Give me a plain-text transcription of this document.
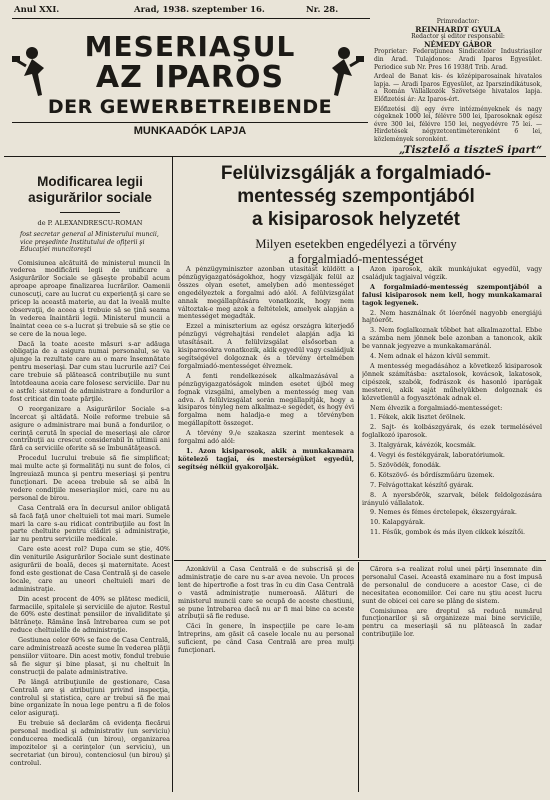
Anul XXI.	Arad, 1938. szeptember 16.	Nr. 28.
MESERIAŞUL
AZ IPAROS
DER GEWERBETREIBENDE
MUNKAADÓK LAPJA
Primredactor:
REINHARDT GYULA
Redactor şi editor responsabil:
NÉMEDY GÁBOR

Proprietar: Federaţiunea Sindicatelor Industriaşilor din Arad. Tulajdonos: Aradi Iparos Egyesület. Periodice sub Nr. Pres 16 1938/I Trib. Arad.

Ardeal de Banat kis- és középiparosainak hivatalos lapja. — Aradi Iparos Egyesület, az Iparszindikátusok, a Román Vállalkozók Szövetsége hivatalos lapja. Előfizetési ár: Az Iparos-ért.

Előfizetési díj egy évre intézményeknek és nagy cégeknek 1000 lei, félévre 500 lei, Iparosoknak egész évre 300 lei, félévre 150 lei, negyedévre 75 lei. — Hirdetések négyzetcentiméterenként 6 lei, közlemények soronként.

„Tisztelő a tiszteS ipart“
Modificarea legii
asigurărilor sociale
de P. ALEXANDRESCU-ROMAN
fost secretar general al Ministerului muncii, vice preşedinte Institutului de ofiţerii şi Educaţiei muncitoreşti

Comisiunea alcătuită de ministerul muncii în vederea modificării legii de unificare a Asigurărilor Sociale se găseşte probabil acum aproape aproape finalizarea lucrărilor. Oamenii cunoscuţi, care au lucrat cu experienţă şi care se pricep la această materie, au dat la iveală multe observaţii, de aceea şi trebuie să se ţină seama în vederea înaintării legii. Ministerul muncii a înaintat ceea ce s-a lucrat şi trebuie să se ştie ce se cere de la noua lege.

Dacă la toate aceste măsuri s-ar adăuga obligaţia de a asigura numai personalul, se va ajunge la rezultate care au o mare însemnătate pentru meseriaşi. Dar cum stau lucrurile azi? Cei care trebuie să plătească contribuţiile nu sunt întotdeauna aceia care folosesc serviciile. Dar nu e astfel: sistemul de administrare a fondurilor a fost criticat din toate părţile.

O reorganizare a Asigurărilor Sociale s-a încercat şi altădată. Noile reforme trebuie să asigure o administrare mai bună a fondurilor, o cerinţă cerută în special de meseriaşi ale căror contribuţii au crescut considerabil în ultimii ani fără ca serviciile oferite să se îmbunătăţească.

Procedul lucrului trebuie să fie simplificat; mai multe acte şi formalităţi nu sunt de folos, ci îngreuiază munca şi pentru meseriaşi şi pentru funcţionari. De aceea trebuie să se aibă în vedere condiţiile meseriaşilor mici, care nu au personal de birou.

Casa Centrală era în decursul anilor obligată să facă faţă unor cheltuieli tot mai mari. Sumele mari la care s-au ridicat contribuţiile au fost în parte cheltuite pentru clădiri şi administraţie, iar nu pentru serviciile medicale.

Care este acest rol? Dupa cum se ştie, 40% din veniturile Asigurărilor Sociale sunt destinate asigurării de boală, deces şi maternitate. Acest fond este gestionat de Casa Centrală şi de casele locale, care au uneori cheltuieli mari de administraţie.

Din acest procent de 40% se plătesc medicii, farmaciile, spitalele şi serviciile de ajutor. Restul de 60% este destinat pensiilor de invaliditate şi bătrâneţe. Rămâne însă întrebarea cum se pot reduce cheltuielile de administraţie.

Gestiunea celor 60% se face de Casa Centrală, care administrează aceste sume în vederea plăţii pensiilor viitoare. Din acest motiv, fondul trebuie să fie sigur şi bine plasat, şi nu cheltuit în construcţii de palate administrative.

Pe lângă atribuţiunile de gestionare, Casa Centrală are şi atribuţiuni privind inspecţia, controlul şi statistica, care ar trebui să fie mai bine organizate în noua lege pentru a fi de folos celor asiguraţi.

Eu trebuie să declarăm că evidenţa fiecărui personal medical şi administrativ (un serviciu) conducerea medicală (un birou), organizarea impozitelor şi a cerinţelor (un serviciu), un secretariat (un birou), contenciosul (un birou) şi controlul.

Felülvizsgálják a forgalmiadó-
mentesség szempontjából
a kisiparosok helyzetét
Milyen esetekben engedélyezi a törvény
a forgalmiadó-mentességet

A pénzügyminiszter azonban utasítást küldött a pénzügyigazgatóságokhoz, hogy vizsgálják felül az összes olyan esetet, amelyben adó mentességet engedélyeztek a forgalmi adó alól. A felülvizsgálat annak megállapítására vonatkozik, hogy nem változtak-e meg azok a feltételek, amelyek alapján a mentességet megadták.

Ezzel a miniszterium az egész országra kiterjedő pénzügyi végrehajtási rendelet alapján adja ki utasításait. A felülvizsgálat elsősorban a kisiparosokra vonatkozik, akik egyedül vagy családjuk segítségével dolgoznak és a törvény értelmében forgalmiadó-mentességet élveznek.

A fenti rendelkezések alkalmazásával a pénzügyigazgatóságok minden esetet újból meg fognak vizsgálni, amelyben a mentesség meg van adva. A felülvizsgálat során megállapítják, hogy a kisiparos tényleg nem alkalmaz-e segédet, és hogy évi forgalma nem haladja-e meg a törvényben megállapított összeget.

A törvény 9./e szakasza szerint mentesek a forgalmi adó alól:

1. Azon kisiparosok, akik a munkakamara kötelező tagjai, és mesterségüket egyedül, segítség nélkül gyakorolják.

Azon iparosok, akik munkájukat egyedül, vagy családjuk tagjaival végzik.

A forgalmiadó-mentesség szempontjából a falusi kisiparosok nem kell, hogy munkakamarai tagok legyenek.

2. Nem használnak őt lóerőnél nagyobb energiájú hajtóerőt.

3. Nem foglalkoznak tőbbet hat alkalmazottal. Ebbe a számba nem jönnek bele azonban a tanoncok, akik be vannak jegyezve a munkakamaránál.

4. Nem adnak el házon kívül semmit.

A mentesség megadásához a következő kisiparosok jönnek számításba: asztalosok, kovácsok, lakatosok, cipészek, szabók, fodrászok és hasonló iparágak mesterei, akik saját műhelyükben dolgoznak és közvetlenül a fogyasztónak adnak el.

Nem élvezik a forgalmiadó-mentességet:

1. Fékek, akik lisztet őrölnek.

2. Sajt- és kolbászgyárak, és ezek termelésével foglalkozó iparosok.

3. Italgyárak, kávézók, kocsmák.

4. Vegyi és festékgyárak, laboratóriumok.

5. Szövödék, fonodák.

6. Kötszövő- és bőrdíszműáru üzemek.

7. Felvágottakat készítő gyárak.

8. A nyersbőrök, szarvak, bélek feldolgozására irányuló vállalatok.

9. Nemes és fémes érctelepek, ékszergyárak.

10. Kalapgyárak.

11. Fésűk, gombok és más ilyen cikkek készítői.

Azonkívül a Casa Centrală e de subscrisă şi de administraţie de care nu s-ar avea nevoie. Un proces lent de hipertrofie a fost tras în cu din Casa Centrală o vastă administraţie numeroasă. Alături de ministerul muncii care se ocupă de aceste chestiuni, se pune întrebarea dacă nu ar fi mai bine ca aceste atribuţii să fie reduse.

Căci în genere, în inspecţiile pe care le-am întreprins, am găsit că casele locale nu au personal suficient, pe când Casa Centrală are prea mulţi funcţionari.

Cărora s-a realizat rolul unei părţi însemnate din personalul Casei. Această examinare nu a fost impusă de personalul de conducere a acestor Case, ci de necesitatea economiilor. Cei care nu ştiu acest lucru sunt de obicei cei care se plâng de sistem.

Comisiunea are dreptul să reducă numărul funcţionarilor şi să organizeze mai bine serviciile, pentru ca meseriaşii să nu plătească în zadar contribuţiile lor.
